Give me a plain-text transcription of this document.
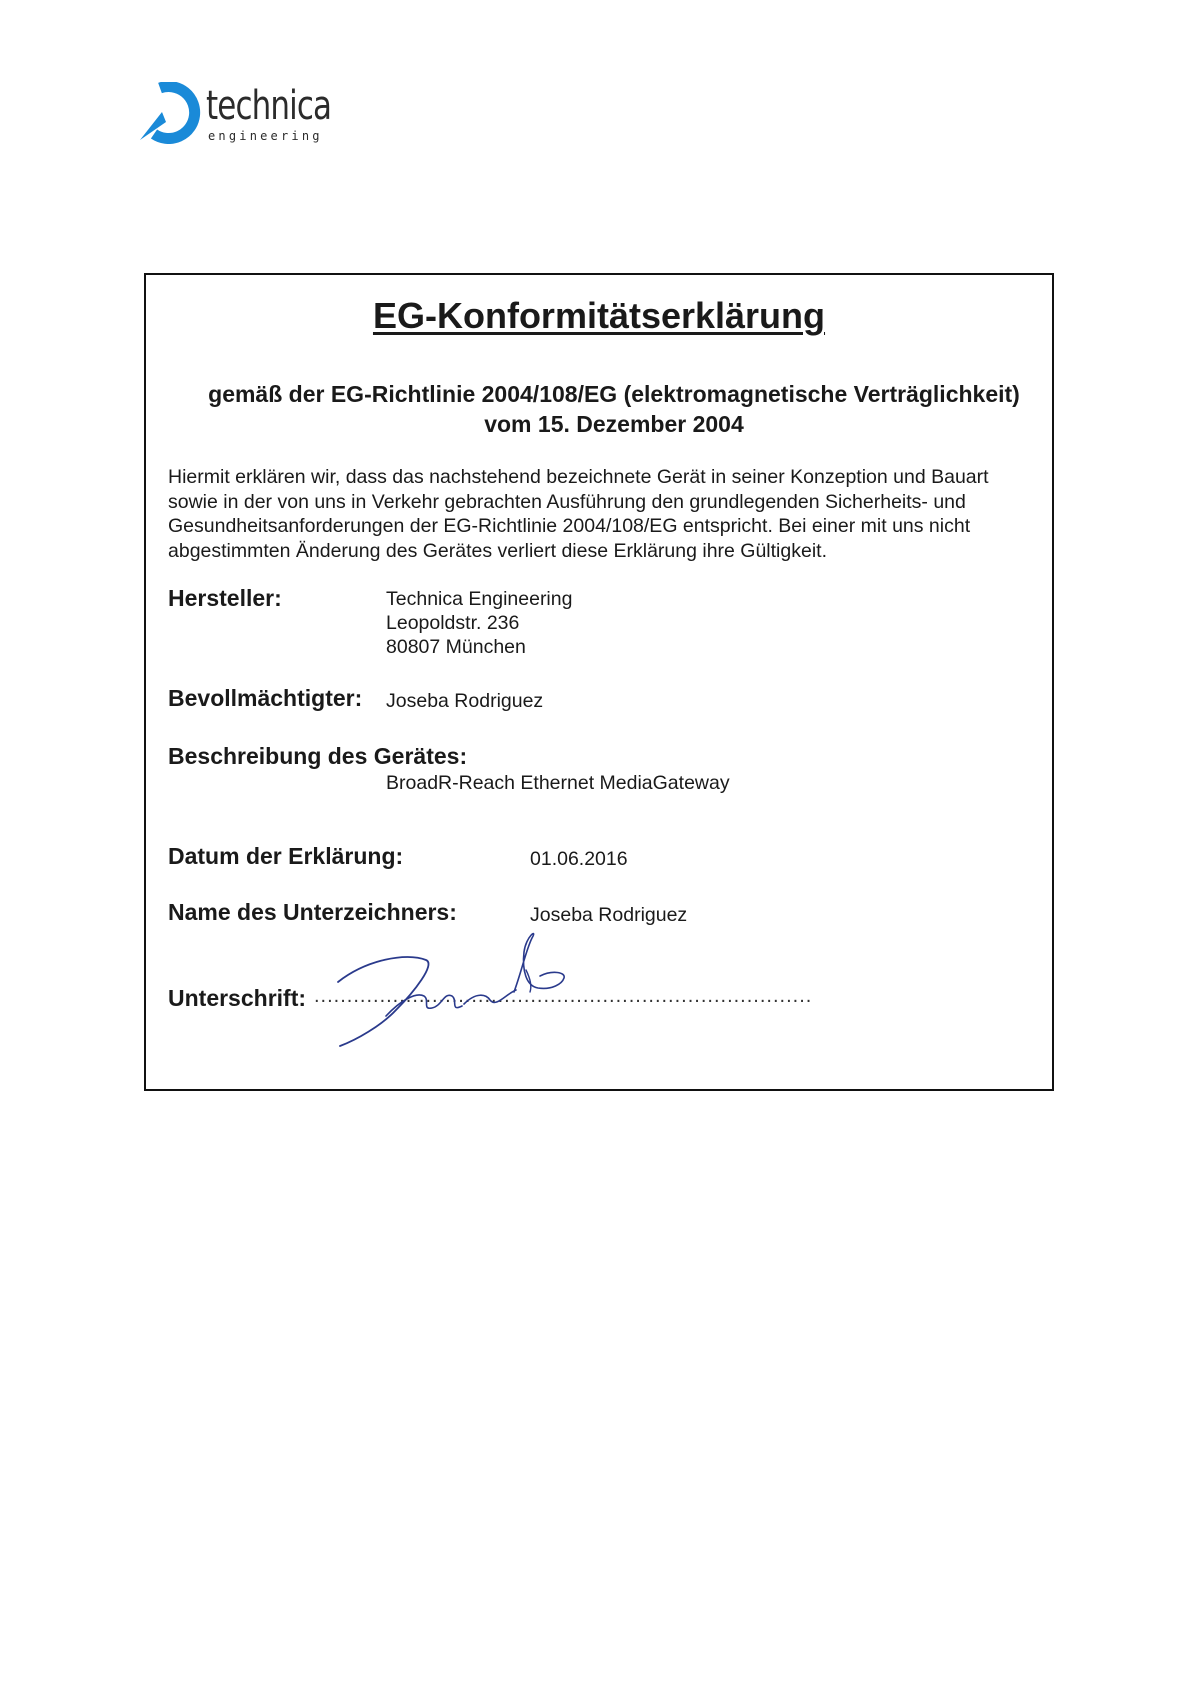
technica
engineering
EG-Konformitätserklärung
gemäß der EG-Richtlinie 2004/108/EG (elektromagnetische Verträglichkeit)
vom 15. Dezember 2004
Hiermit erklären wir, dass das nachstehend bezeichnete Gerät in seiner Konzeption und Bauart sowie in der von uns in Verkehr gebrachten Ausführung den grundlegenden Sicherheits- und Gesundheitsanforderungen der EG-Richtlinie 2004/108/EG entspricht. Bei einer mit uns nicht abgestimmten Änderung des Gerätes verliert diese Erklärung ihre Gültigkeit.
Hersteller:	Technica Engineering
Leopoldstr. 236
80807 München
Bevollmächtigter: Joseba Rodriguez
Beschreibung des Gerätes:
BroadR-Reach Ethernet MediaGateway
Datum der Erklärung:	01.06.2016
Name des Unterzeichners:	Joseba Rodriguez
Unterschrift: ............................................................................
